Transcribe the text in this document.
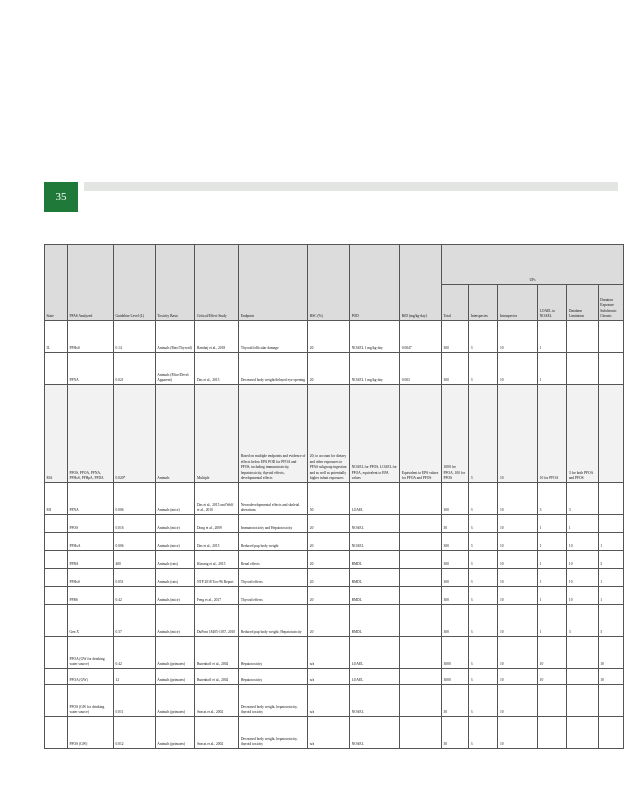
35
State	PFAS Analyzed	Guideline Level (L)	Toxicity Basis	Critical/Effect Study	Endpoint	RSC (%)	POD	RfD (mg/kg-day)	UFs					
									Total	Interspecies	Intraspecies	LOAEL to NOAEL	Database Limitation	Duration Exposure Subchronic Chronic
IL	PFHxS	0.14	Animals (Rats/Thyroid)	Ramhøj et al., 2018	Thyroid follicular damage	20	NOAEL 1 mg/kg-day	0.0047	300	3	10	1		
	PFNA	0.021	Animals (Mice/Devel. Apparent)	Das et al., 2015	Decreased body weight/delayed eye opening	20	NOAEL 1 mg/kg-day	0.003	300	3	10	1		
MA	PFOS, PFOA, PFNA, PFHxS, PFHpA, PFDA	0.020*	Animals	Multiple	Based on multiple endpoints and evidence of effects below EPA POD for PFOA and PFOS, including immunotoxicity, hepatotoxicity, thyroid effects, developmental effects	20; to account for dietary and other exposures to PFAS subgroup ingestion and as well as potentially higher infant exposures	NOAEL for PFOS, LOAEL for PFOA, equivalent to EPA values	Equivalent to EPA values for PFOA and PFOS	1000 for PFOA, 100 for PFOS	3	10	10 for PFOA	3 for both PFOA and PFOS	
MI	PFNA	0.006	Animals (mice)	Das et al., 2015 and Wolf et al., 2010	Neurodevelopmental effects and skeletal alterations	50	LOAEL		300	3	10	3	3	
	PFOS	0.016	Animals (mice)	Dong et al., 2009	Immunotoxicity and Hepatotoxicity	20	NOAEL		30	3	10	1	1	
	PFHxA	0.006	Animals (mice)	Das et al., 2015	Reduced pup body weight	20	NOAEL		300	3	10	1	10	1
	PFBA	400	Animals (rats)	Klaunig et al., 2015	Renal effects	20	BMDL		300	3	10	1	10	3
	PFHxS	0.051	Animals (rats)	NTP 2018 Tox-96 Report	Thyroid effects	20	BMDL		300	3	10	1	10	1
	PFBS	0.42	Animals (mice)	Feng et al., 2017	Thyroid effects	20	BMDL		300	3	10	1	10	1
	Gen X	0.37	Animals (mice)	DuPont 18405-1037, 2010	Reduced pup body weight; Hepatotoxicity	20	BMDL		300	3	10	1	3	3
	PFOA (GW for drinking water source)	0.42	Animals (primates)	Butenhoff et al., 2002	Hepatotoxicity	n/a	LOAEL		3000	3	10	10		10
	PFOA (GW)	12	Animals (primates)	Butenhoff et al., 2002	Hepatotoxicity	n/a	LOAEL		3000	3	10	10		10
	PFOS (GW for drinking water source)	0.011	Animals (primates)	Seacat et al., 2002	Decreased body weight, hepatotoxicity, thyroid toxicity	n/a	NOAEL		30	3	10			
	PFOS (GW)	0.012	Animals (primates)	Seacat et al., 2002	Decreased body weight, hepatotoxicity, thyroid toxicity	n/a	NOAEL		30	3	10			
